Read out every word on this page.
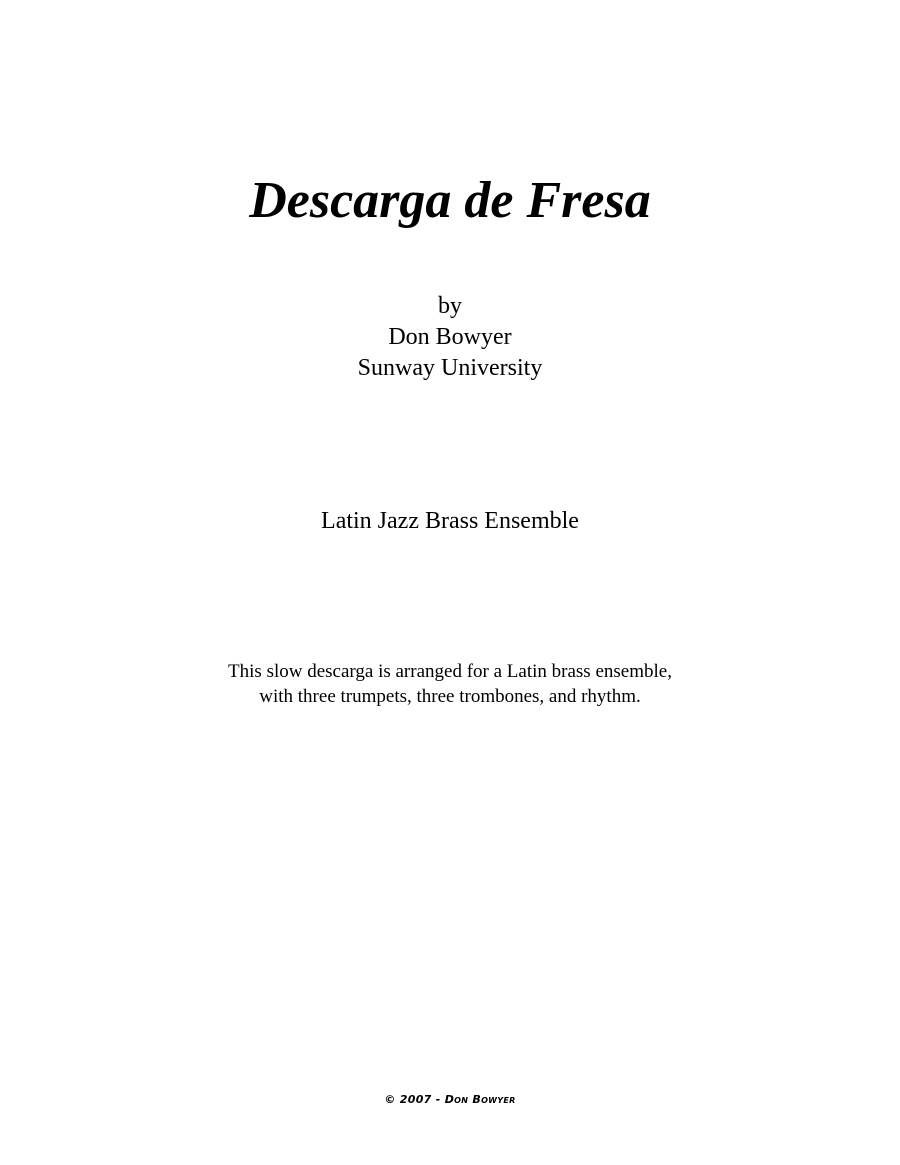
Descarga de Fresa
by
Don Bowyer
Sunway University
Latin Jazz Brass Ensemble
This slow descarga is arranged for a Latin brass ensemble,
with three trumpets, three trombones, and rhythm.
© 2007 - Don Bowyer
